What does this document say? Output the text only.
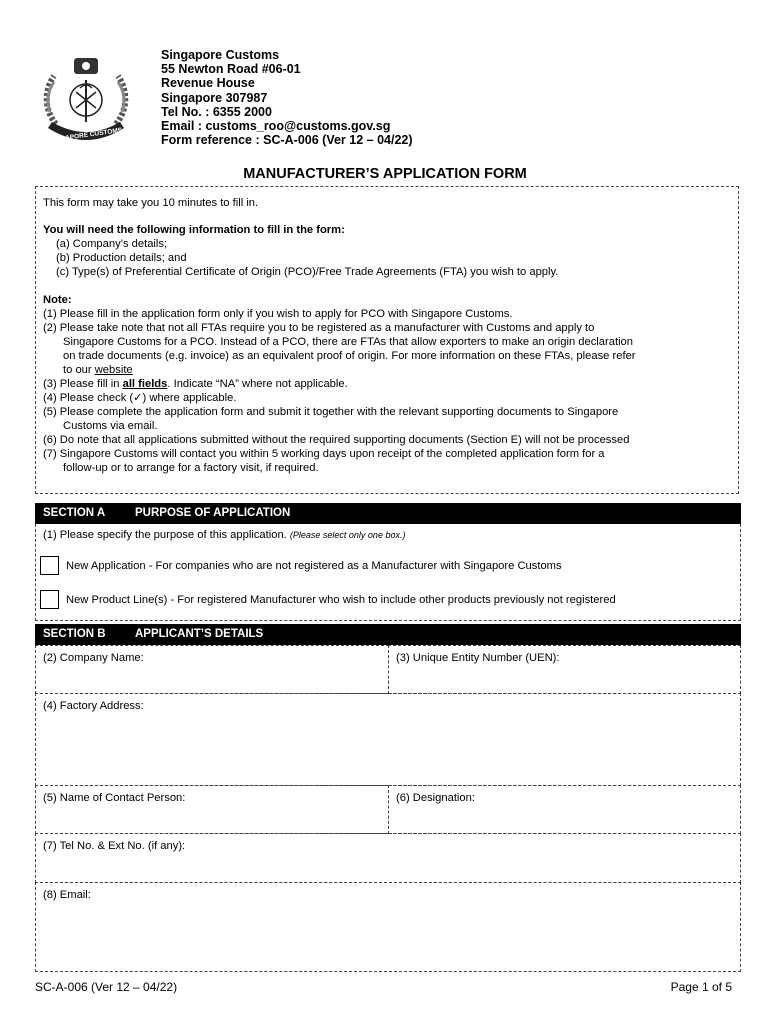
SINGAPORE CUSTOMS
Singapore Customs
55 Newton Road #06-01
Revenue House
Singapore 307987
Tel No. : 6355 2000
Email : customs_roo@customs.gov.sg
Form reference : SC-A-006 (Ver 12 – 04/22)
MANUFACTURER’S APPLICATION FORM
This form may take you 10 minutes to fill in.
You will need the following information to fill in the form:
(a) Company’s details;
(b) Production details; and
(c) Type(s) of Preferential Certificate of Origin (PCO)/Free Trade Agreements (FTA) you wish to apply.
Note:
(1) Please fill in the application form only if you wish to apply for PCO with Singapore Customs.
(2) Please take note that not all FTAs require you to be registered as a manufacturer with Customs and apply to
Singapore Customs for a PCO. Instead of a PCO, there are FTAs that allow exporters to make an origin declaration
on trade documents (e.g. invoice) as an equivalent proof of origin. For more information on these FTAs, please refer
to our website
(3) Please fill in all fields. Indicate “NA” where not applicable.
(4) Please check (✓) where applicable.
(5) Please complete the application form and submit it together with the relevant supporting documents to Singapore
Customs via email.
(6) Do note that all applications submitted without the required supporting documents (Section E) will not be processed
(7) Singapore Customs will contact you within 5 working days upon receipt of the completed application form for a
follow-up or to arrange for a factory visit, if required.
SECTION A	PURPOSE OF APPLICATION
(1) Please specify the purpose of this application. (Please select only one box.)
New Application - For companies who are not registered as a Manufacturer with Singapore Customs
New Product Line(s) - For registered Manufacturer who wish to include other products previously not registered
SECTION B	APPLICANT’S DETAILS
(2) Company Name:	(3) Unique Entity Number (UEN):
(4) Factory Address:
(5) Name of Contact Person:	(6) Designation:
(7) Tel No. & Ext No. (if any):
(8) Email:
SC-A-006 (Ver 12 – 04/22)	Page 1 of 5
